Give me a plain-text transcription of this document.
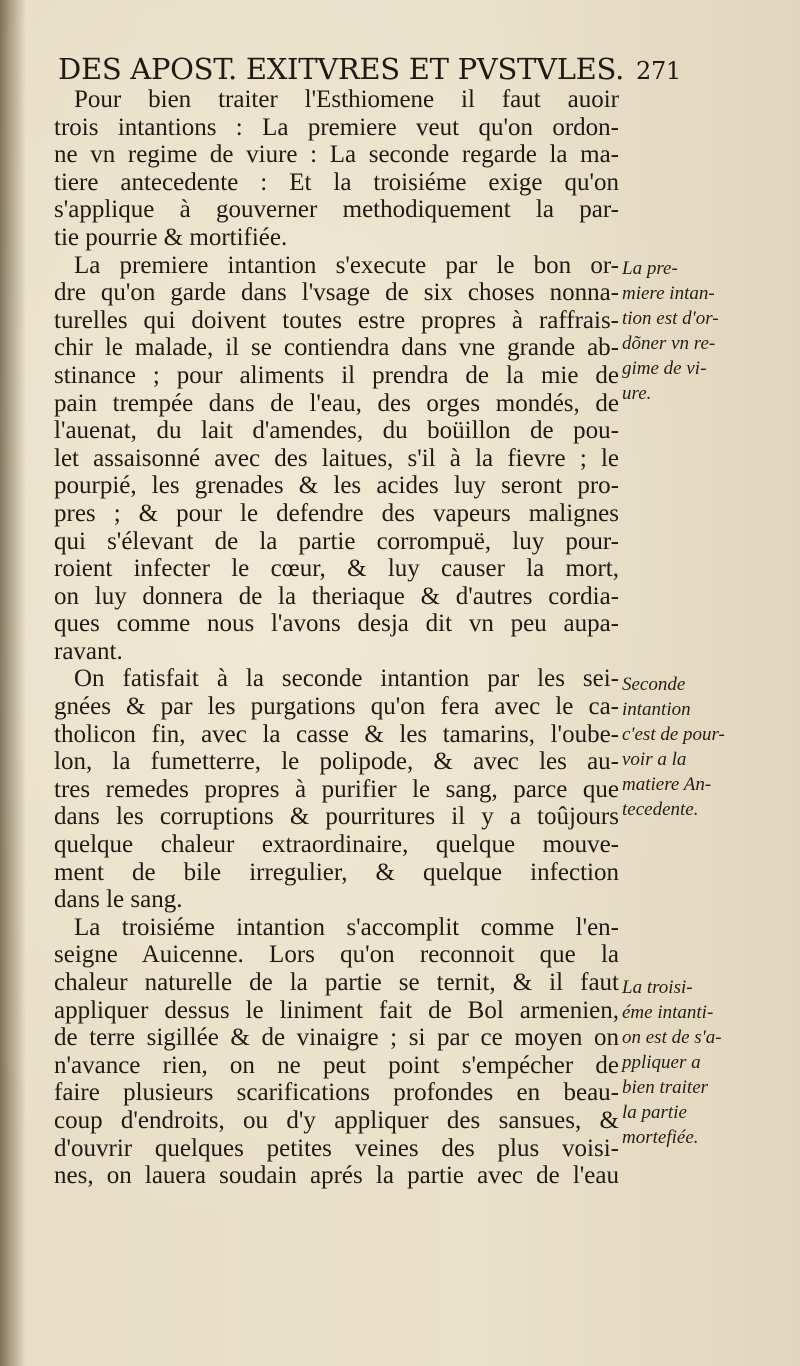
DES APOST. EXITVRES ET PVSTVLES. 271
Pour bien traiter l'Esthiomene il faut auoir
trois intantions : La premiere veut qu'on ordon-
ne vn regime de viure : La seconde regarde la ma-
tiere antecedente : Et la troisiéme exige qu'on
s'applique à gouverner methodiquement la par-
tie pourrie & mortifiée.
La premiere intantion s'execute par le bon or-
dre qu'on garde dans l'vsage de six choses nonna-
turelles qui doivent toutes estre propres à raffrais-
chir le malade, il se contiendra dans vne grande ab-
stinance ; pour aliments il prendra de la mie de
pain trempée dans de l'eau, des orges mondés, de
l'auenat, du lait d'amendes, du boüillon de pou-
let assaisonné avec des laitues, s'il à la fievre ; le
pourpié, les grenades & les acides luy seront pro-
pres ; & pour le defendre des vapeurs malignes
qui s'élevant de la partie corrompuë, luy pour-
roient infecter le cœur, & luy causer la mort,
on luy donnera de la theriaque & d'autres cordia-
ques comme nous l'avons desja dit vn peu aupa-
ravant.
On fatisfait à la seconde intantion par les sei-
gnées & par les purgations qu'on fera avec le ca-
tholicon fin, avec la casse & les tamarins, l'oube-
lon, la fumetterre, le polipode, & avec les au-
tres remedes propres à purifier le sang, parce que
dans les corruptions & pourritures il y a toûjours
quelque chaleur extraordinaire, quelque mouve-
ment de bile irregulier, & quelque infection
dans le sang.
La troisiéme intantion s'accomplit comme l'en-
seigne Auicenne. Lors qu'on reconnoit que la
chaleur naturelle de la partie se ternit, & il faut
appliquer dessus le liniment fait de Bol armenien,
de terre sigillée & de vinaigre ; si par ce moyen on
n'avance rien, on ne peut point s'empécher de
faire plusieurs scarifications profondes en beau-
coup d'endroits, ou d'y appliquer des sansues, &
d'ouvrir quelques petites veines des plus voisi-
nes, on lauera soudain aprés la partie avec de l'eau
La pre-
miere intan-
tion est d'or-
dõner vn re-
gime de vi-
ure.
Seconde
intantion
c'est de pour-
voir a la
matiere An-
tecedente.
La troisi-
éme intanti-
on est de s'a-
ppliquer a
bien traiter
la partie
mortefiée.
